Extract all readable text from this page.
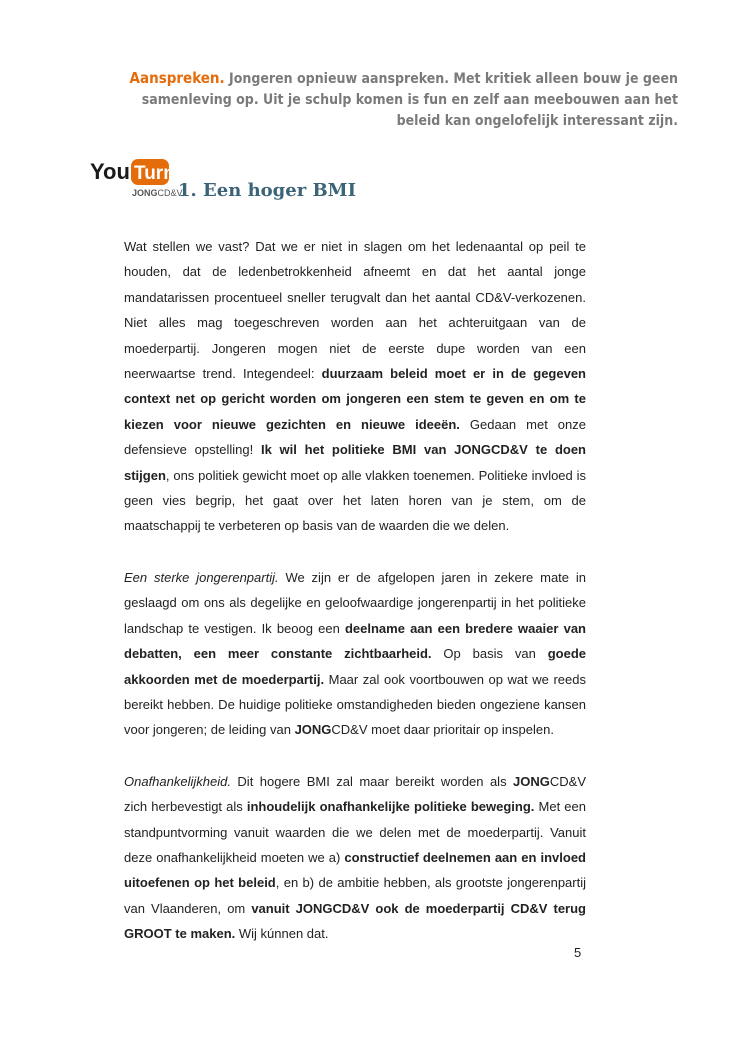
Aanspreken. Jongeren opnieuw aanspreken. Met kritiek alleen bouw je geen samenleving op. Uit je schulp komen is fun en zelf aan meebouwen aan het beleid kan ongelofelijk interessant zijn.
You Turn
JONGCD&V
1. Een hoger BMI

Wat stellen we vast? Dat we er niet in slagen om het ledenaantal op peil te houden, dat de ledenbetrokkenheid afneemt en dat het aantal jonge mandatarissen procentueel sneller terugvalt dan het aantal CD&V-verkozenen. Niet alles mag toegeschreven worden aan het achteruitgaan van de moederpartij. Jongeren mogen niet de eerste dupe worden van een neerwaartse trend. Integendeel: duurzaam beleid moet er in de gegeven context net op gericht worden om jongeren een stem te geven en om te kiezen voor nieuwe gezichten en nieuwe ideeën. Gedaan met onze defensieve opstelling! Ik wil het politieke BMI van JONGCD&V te doen stijgen, ons politiek gewicht moet op alle vlakken toenemen. Politieke invloed is geen vies begrip, het gaat over het laten horen van je stem, om de maatschappij te verbeteren op basis van de waarden die we delen.

Een sterke jongerenpartij. We zijn er de afgelopen jaren in zekere mate in geslaagd om ons als degelijke en geloofwaardige jongerenpartij in het politieke landschap te vestigen. Ik beoog een deelname aan een bredere waaier van debatten, een meer constante zichtbaarheid. Op basis van goede akkoorden met de moederpartij. Maar zal ook voortbouwen op wat we reeds bereikt hebben. De huidige politieke omstandigheden bieden ongeziene kansen voor jongeren; de leiding van JONGCD&V moet daar prioritair op inspelen.

Onafhankelijkheid. Dit hogere BMI zal maar bereikt worden als JONGCD&V zich herbevestigt als inhoudelijk onafhankelijke politieke beweging. Met een standpuntvorming vanuit waarden die we delen met de moederpartij. Vanuit deze onafhankelijkheid moeten we a) constructief deelnemen aan en invloed uitoefenen op het beleid, en b) de ambitie hebben, als grootste jongerenpartij van Vlaanderen, om vanuit JONGCD&V ook de moederpartij CD&V terug GROOT te maken. Wij kúnnen dat.

5
